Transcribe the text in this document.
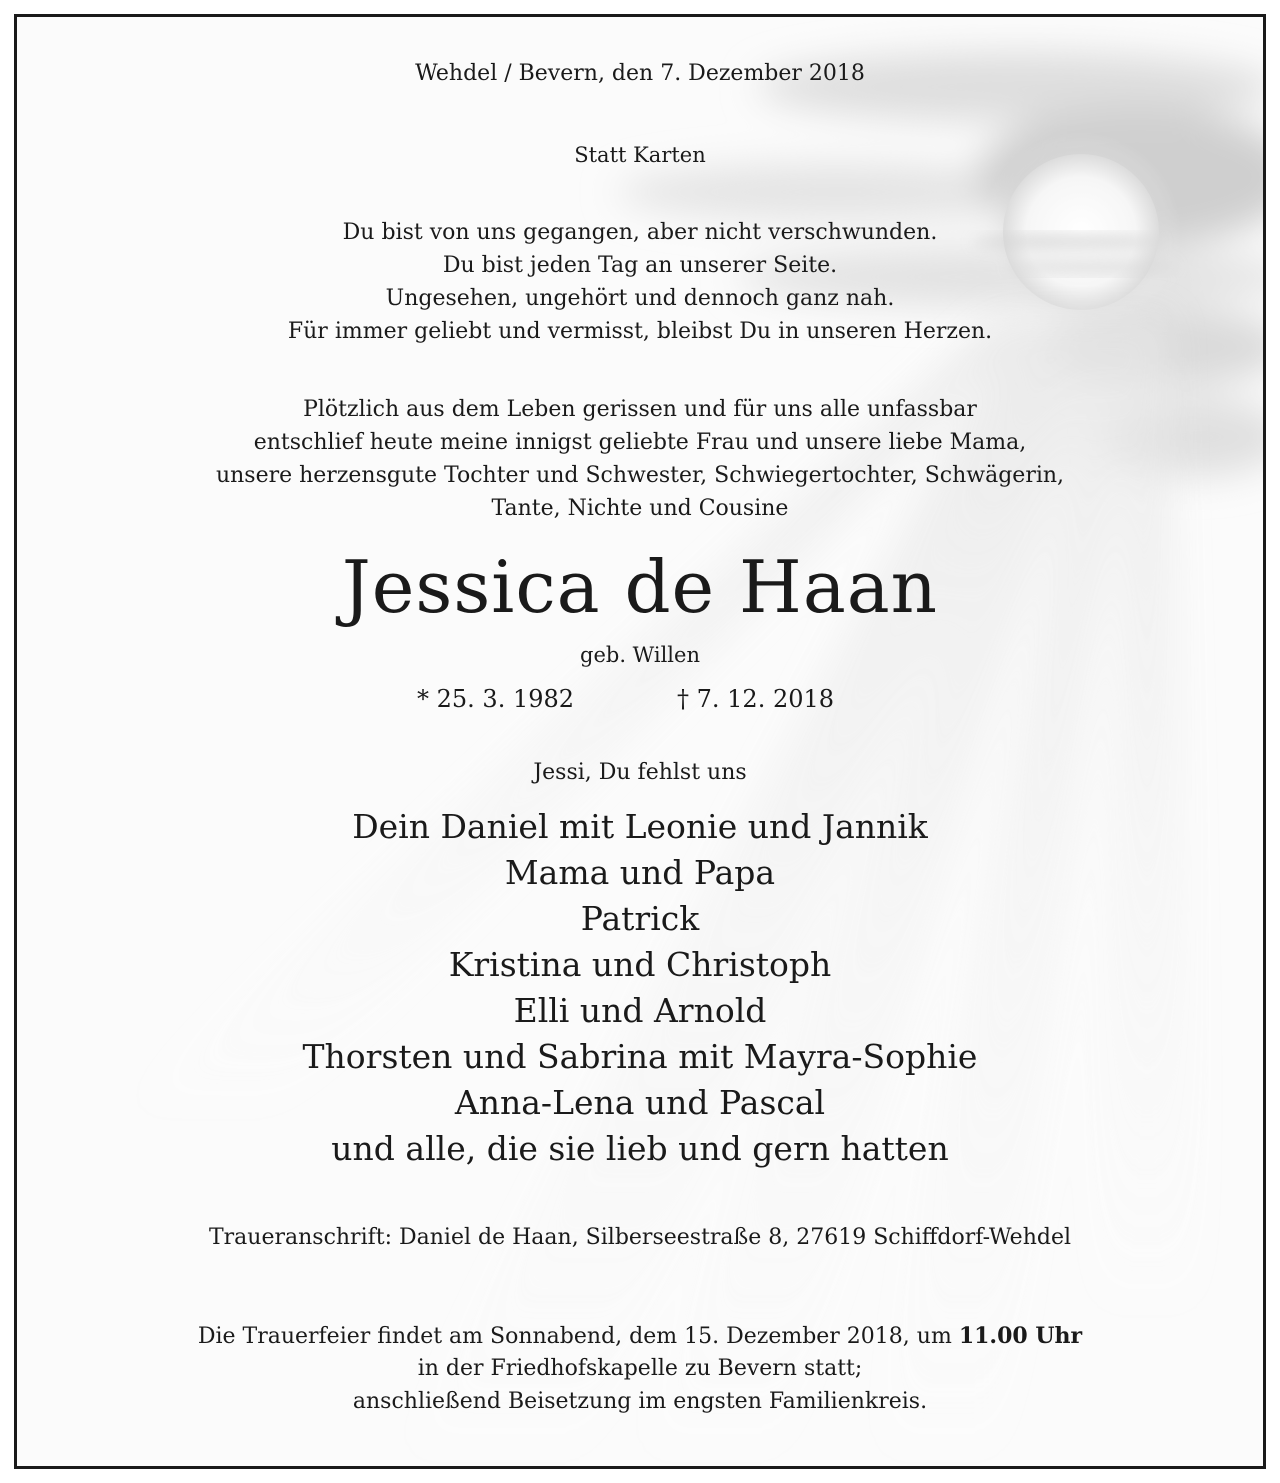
Wehdel / Bevern, den 7. Dezember 2018
Statt Karten
Du bist von uns gegangen, aber nicht verschwunden.
Du bist jeden Tag an unserer Seite.
Ungesehen, ungehört und dennoch ganz nah.
Für immer geliebt und vermisst, bleibst Du in unseren Herzen.
Plötzlich aus dem Leben gerissen und für uns alle unfassbar
entschlief heute meine innigst geliebte Frau und unsere liebe Mama,
unsere herzensgute Tochter und Schwester, Schwiegertochter, Schwägerin,
Tante, Nichte und Cousine
Jessica de Haan
geb. Willen
* 25. 3. 1982	† 7. 12. 2018
Jessi, Du fehlst uns
Dein Daniel mit Leonie und Jannik
Mama und Papa
Patrick
Kristina und Christoph
Elli und Arnold
Thorsten und Sabrina mit Mayra-Sophie
Anna-Lena und Pascal
und alle, die sie lieb und gern hatten
Traueranschrift: Daniel de Haan, Silberseestraße 8, 27619 Schiffdorf-Wehdel
Die Trauerfeier findet am Sonnabend, dem 15. Dezember 2018, um 11.00 Uhr
in der Friedhofskapelle zu Bevern statt;
anschließend Beisetzung im engsten Familienkreis.
